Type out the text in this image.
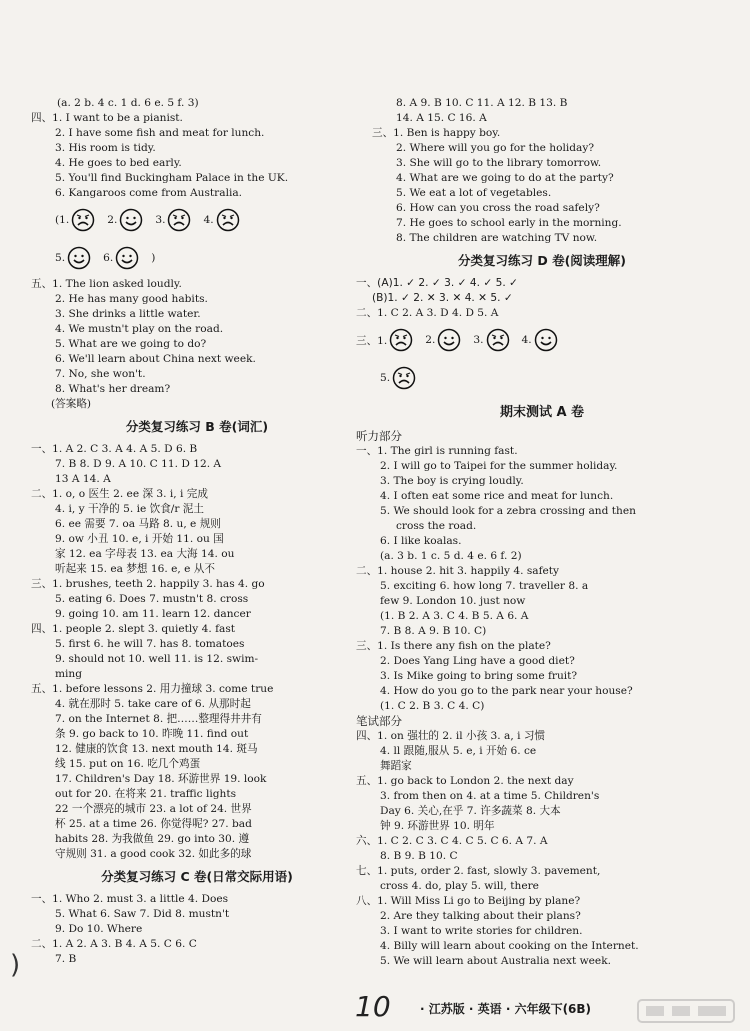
(a. 2 b. 4 c. 1 d. 6 e. 5 f. 3)
四、1. I want to be a pianist.
2. I have some fish and meat for lunch.
3. His room is tidy.
4. He goes to bed early.
5. You'll find Buckingham Palace in the UK.
6. Kangaroos come from Australia.
(1.	2.	3.	4.
5.	6.	)
五、1. The lion asked loudly.
2. He has many good habits.
3. She drinks a little water.
4. We mustn't play on the road.
5. What are we going to do?
6. We'll learn about China next week.
7. No, she won't.
8. What's her dream?
(答案略)
分类复习练习 B 卷(词汇)
一、1. A 2. C 3. A 4. A 5. D 6. B
7. B 8. D 9. A 10. C 11. D 12. A
13 A 14. A
二、1. o, o 医生 2. ee 深 3. i, i 完成
4. i, y 干净的 5. ie 饮食/r 泥土
6. ee 需要 7. oa 马路 8. u, e 规则
9. ow 小丑 10. e, i 开始 11. ou 国
家 12. ea 字母表 13. ea 大海 14. ou
听起来 15. ea 梦想 16. e, e 从不
三、1. brushes, teeth 2. happily 3. has 4. go
5. eating 6. Does 7. mustn't 8. cross
9. going 10. am 11. learn 12. dancer
四、1. people 2. slept 3. quietly 4. fast
5. first 6. he will 7. has 8. tomatoes
9. should not 10. well 11. is 12. swim-
ming
五、1. before lessons 2. 用力撞球 3. come true
4. 就在那时 5. take care of 6. 从那时起
7. on the Internet 8. 把……整理得井井有
条 9. go back to 10. 昨晚 11. find out
12. 健康的饮食 13. next mouth 14. 斑马
线 15. put on 16. 吃几个鸡蛋
17. Children's Day 18. 环游世界 19. look
out for 20. 在将来 21. traffic lights
22 一个漂亮的城市 23. a lot of 24. 世界
杯 25. at a time 26. 你觉得呢? 27. bad
habits 28. 为我做鱼 29. go into 30. 遵
守规则 31. a good cook 32. 如此多的球
分类复习练习 C 卷(日常交际用语)
一、1. Who 2. must 3. a little 4. Does
5. What 6. Saw 7. Did 8. mustn't
9. Do 10. Where
二、1. A 2. A 3. B 4. A 5. C 6. C
7. B
8. A 9. B 10. C 11. A 12. B 13. B
14. A 15. C 16. A
三、1. Ben is happy boy.
2. Where will you go for the holiday?
3. She will go to the library tomorrow.
4. What are we going to do at the party?
5. We eat a lot of vegetables.
6. How can you cross the road safely?
7. He goes to school early in the morning.
8. The children are watching TV now.
分类复习练习 D 卷(阅读理解)
一、(A)1. ✓ 2. ✓ 3. ✓ 4. ✓ 5. ✓
(B)1. ✓ 2. ✕ 3. ✕ 4. ✕ 5. ✓
二、1. C 2. A 3. D 4. D 5. A
三、1.	2.	3.	4.
5.
期末测试 A 卷
听力部分
一、1. The girl is running fast.
2. I will go to Taipei for the summer holiday.
3. The boy is crying loudly.
4. I often eat some rice and meat for lunch.
5. We should look for a zebra crossing and then
cross the road.
6. I like koalas.
(a. 3 b. 1 c. 5 d. 4 e. 6 f. 2)
二、1. house 2. hit 3. happily 4. safety
5. exciting 6. how long 7. traveller 8. a
few 9. London 10. just now
(1. B 2. A 3. C 4. B 5. A 6. A
7. B 8. A 9. B 10. C)
三、1. Is there any fish on the plate?
2. Does Yang Ling have a good diet?
3. Is Mike going to bring some fruit?
4. How do you go to the park near your house?
(1. C 2. B 3. C 4. C)
笔试部分
四、1. on 强壮的 2. il 小孩 3. a, i 习惯
4. ll 跟随,服从 5. e, i 开始 6. ce
舞蹈家
五、1. go back to London 2. the next day
3. from then on 4. at a time 5. Children's
Day 6. 关心,在乎 7. 许多蔬菜 8. 大本
钟 9. 环游世界 10. 明年
六、1. C 2. C 3. C 4. C 5. C 6. A 7. A
8. B 9. B 10. C
七、1. puts, order 2. fast, slowly 3. pavement,
cross 4. do, play 5. will, there
八、1. Will Miss Li go to Beijing by plane?
2. Are they talking about their plans?
3. I want to write stories for children.
4. Billy will learn about cooking on the Internet.
5. We will learn about Australia next week.
)
10 · 江苏版 · 英语 · 六年级下(6B)
